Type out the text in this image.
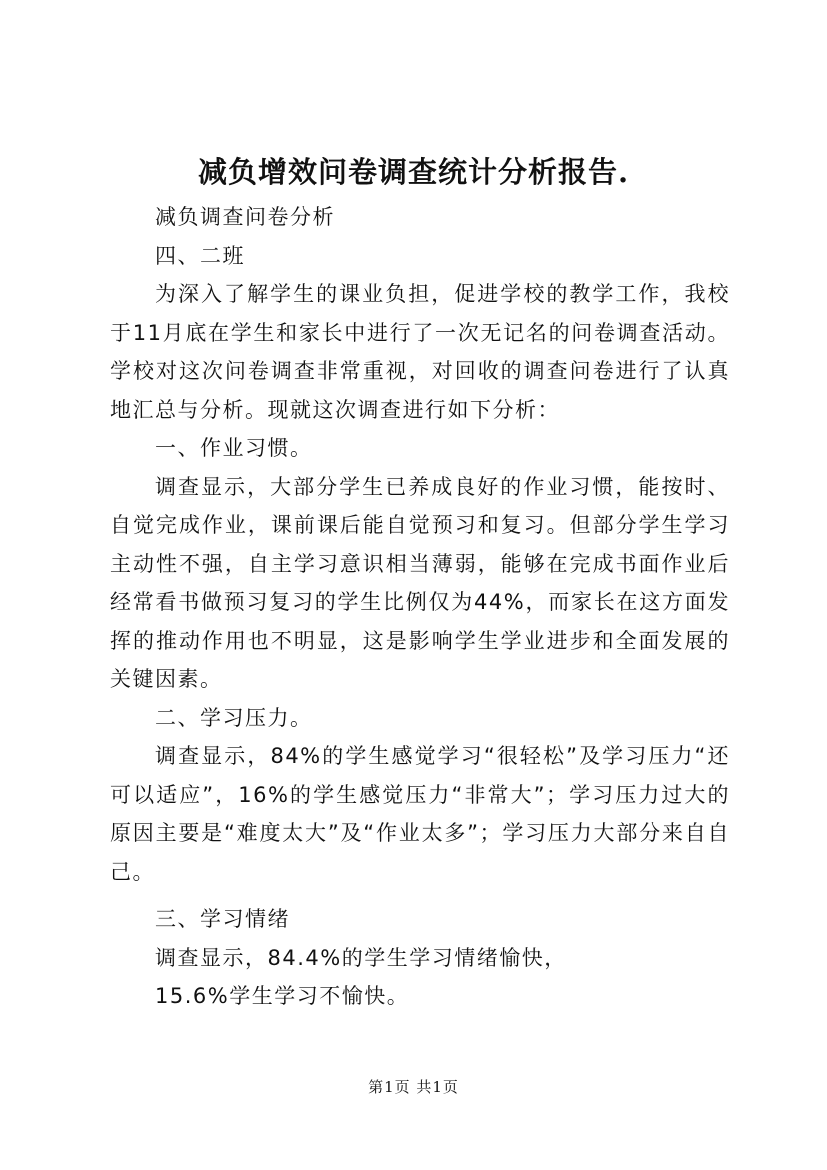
减负增效问卷调查统计分析报告.

减负调查问卷分析

四、二班

为深入了解学生的课业负担，促进学校的教学工作，我校于11月底在学生和家长中进行了一次无记名的问卷调查活动。学校对这次问卷调查非常重视，对回收的调查问卷进行了认真地汇总与分析。现就这次调查进行如下分析：

一、作业习惯。

调查显示，大部分学生已养成良好的作业习惯，能按时、自觉完成作业，课前课后能自觉预习和复习。但部分学生学习主动性不强，自主学习意识相当薄弱，能够在完成书面作业后经常看书做预习复习的学生比例仅为44%，而家长在这方面发挥的推动作用也不明显，这是影响学生学业进步和全面发展的关键因素。

二、学习压力。

调查显示，84%的学生感觉学习“很轻松”及学习压力“还可以适应”，16%的学生感觉压力“非常大”；学习压力过大的原因主要是“难度太大”及“作业太多”；学习压力大部分来自自己。

三、学习情绪

调查显示，84.4%的学生学习情绪愉快，

15.6%学生学习不愉快。

第1页 共1页
